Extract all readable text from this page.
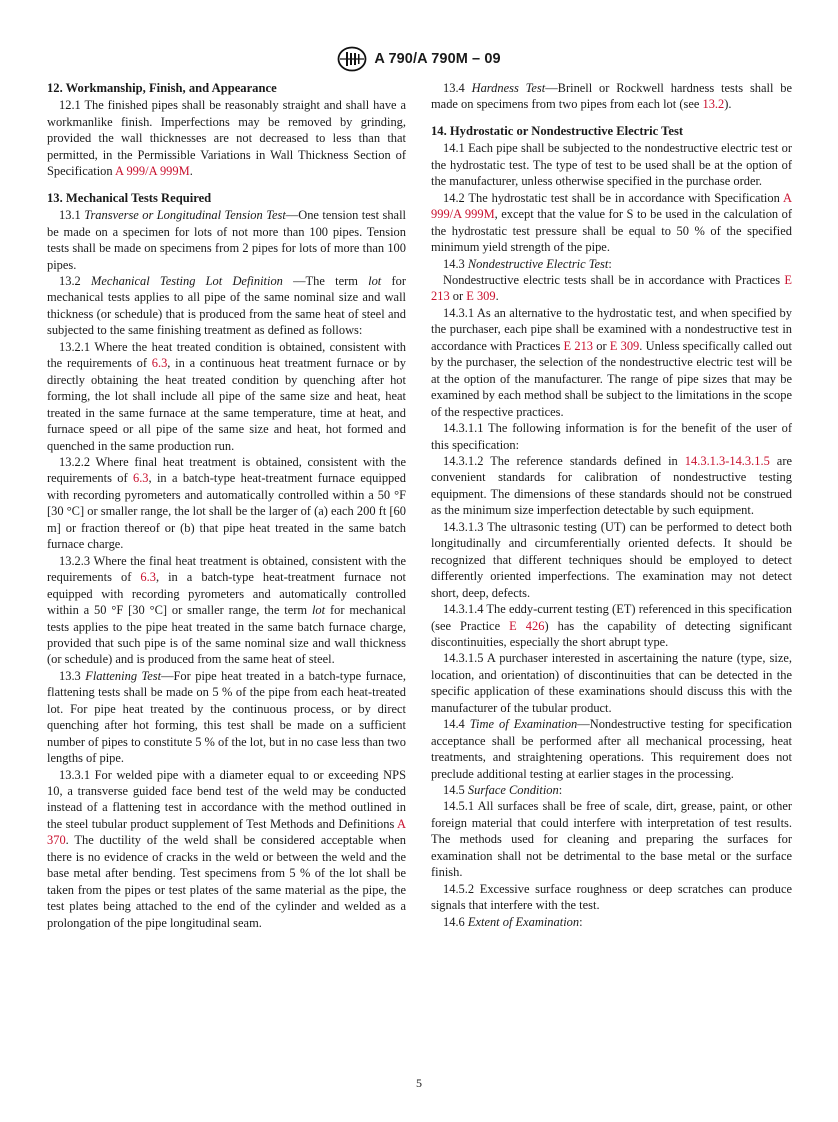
A 790/A 790M – 09
12. Workmanship, Finish, and Appearance

12.1 The finished pipes shall be reasonably straight and shall have a workmanlike finish. Imperfections may be removed by grinding, provided the wall thicknesses are not decreased to less than that permitted, in the Permissible Variations in Wall Thickness Section of Specification A 999/A 999M.

13. Mechanical Tests Required

13.1 Transverse or Longitudinal Tension Test—One tension test shall be made on a specimen for lots of not more than 100 pipes. Tension tests shall be made on specimens from 2 pipes for lots of more than 100 pipes.

13.2 Mechanical Testing Lot Definition —The term lot for mechanical tests applies to all pipe of the same nominal size and wall thickness (or schedule) that is produced from the same heat of steel and subjected to the same finishing treatment as defined as follows:

13.2.1 Where the heat treated condition is obtained, consistent with the requirements of 6.3, in a continuous heat treatment furnace or by directly obtaining the heat treated condition by quenching after hot forming, the lot shall include all pipe of the same size and heat, heat treated in the same furnace at the same temperature, time at heat, and furnace speed or all pipe of the same size and heat, hot formed and quenched in the same production run.

13.2.2 Where final heat treatment is obtained, consistent with the requirements of 6.3, in a batch-type heat-treatment furnace equipped with recording pyrometers and automatically controlled within a 50 °F [30 °C] or smaller range, the lot shall be the larger of (a) each 200 ft [60 m] or fraction thereof or (b) that pipe heat treated in the same batch furnace charge.

13.2.3 Where the final heat treatment is obtained, consistent with the requirements of 6.3, in a batch-type heat-treatment furnace not equipped with recording pyrometers and automatically controlled within a 50 °F [30 °C] or smaller range, the term lot for mechanical tests applies to the pipe heat treated in the same batch furnace charge, provided that such pipe is of the same nominal size and wall thickness (or schedule) and is produced from the same heat of steel.

13.3 Flattening Test—For pipe heat treated in a batch-type furnace, flattening tests shall be made on 5 % of the pipe from each heat-treated lot. For pipe heat treated by the continuous process, or by direct quenching after hot forming, this test shall be made on a sufficient number of pipes to constitute 5 % of the lot, but in no case less than two lengths of pipe.

13.3.1 For welded pipe with a diameter equal to or exceeding NPS 10, a transverse guided face bend test of the weld may be conducted instead of a flattening test in accordance with the method outlined in the steel tubular product supplement of Test Methods and Definitions A 370. The ductility of the weld shall be considered acceptable when there is no evidence of cracks in the weld or between the weld and the base metal after bending. Test specimens from 5 % of the lot shall be taken from the pipes or test plates of the same material as the pipe, the test plates being attached to the end of the cylinder and welded as a prolongation of the pipe longitudinal seam.

13.4 Hardness Test—Brinell or Rockwell hardness tests shall be made on specimens from two pipes from each lot (see 13.2).

14. Hydrostatic or Nondestructive Electric Test

14.1 Each pipe shall be subjected to the nondestructive electric test or the hydrostatic test. The type of test to be used shall be at the option of the manufacturer, unless otherwise specified in the purchase order.

14.2 The hydrostatic test shall be in accordance with Specification A 999/A 999M, except that the value for S to be used in the calculation of the hydrostatic test pressure shall be equal to 50 % of the specified minimum yield strength of the pipe.

14.3 Nondestructive Electric Test:

Nondestructive electric tests shall be in accordance with Practices E 213 or E 309.

14.3.1 As an alternative to the hydrostatic test, and when specified by the purchaser, each pipe shall be examined with a nondestructive test in accordance with Practices E 213 or E 309. Unless specifically called out by the purchaser, the selection of the nondestructive electric test will be at the option of the manufacturer. The range of pipe sizes that may be examined by each method shall be subject to the limitations in the scope of the respective practices.

14.3.1.1 The following information is for the benefit of the user of this specification:

14.3.1.2 The reference standards defined in 14.3.1.3-14.3.1.5 are convenient standards for calibration of nondestructive testing equipment. The dimensions of these standards should not be construed as the minimum size imperfection detectable by such equipment.

14.3.1.3 The ultrasonic testing (UT) can be performed to detect both longitudinally and circumferentially oriented defects. It should be recognized that different techniques should be employed to detect differently oriented imperfections. The examination may not detect short, deep, defects.

14.3.1.4 The eddy-current testing (ET) referenced in this specification (see Practice E 426) has the capability of detecting significant discontinuities, especially the short abrupt type.

14.3.1.5 A purchaser interested in ascertaining the nature (type, size, location, and orientation) of discontinuities that can be detected in the specific application of these examinations should discuss this with the manufacturer of the tubular product.

14.4 Time of Examination—Nondestructive testing for specification acceptance shall be performed after all mechanical processing, heat treatments, and straightening operations. This requirement does not preclude additional testing at earlier stages in the processing.

14.5 Surface Condition:

14.5.1 All surfaces shall be free of scale, dirt, grease, paint, or other foreign material that could interfere with interpretation of test results. The methods used for cleaning and preparing the surfaces for examination shall not be detrimental to the base metal or the surface finish.

14.5.2 Excessive surface roughness or deep scratches can produce signals that interfere with the test.

14.6 Extent of Examination:

5
